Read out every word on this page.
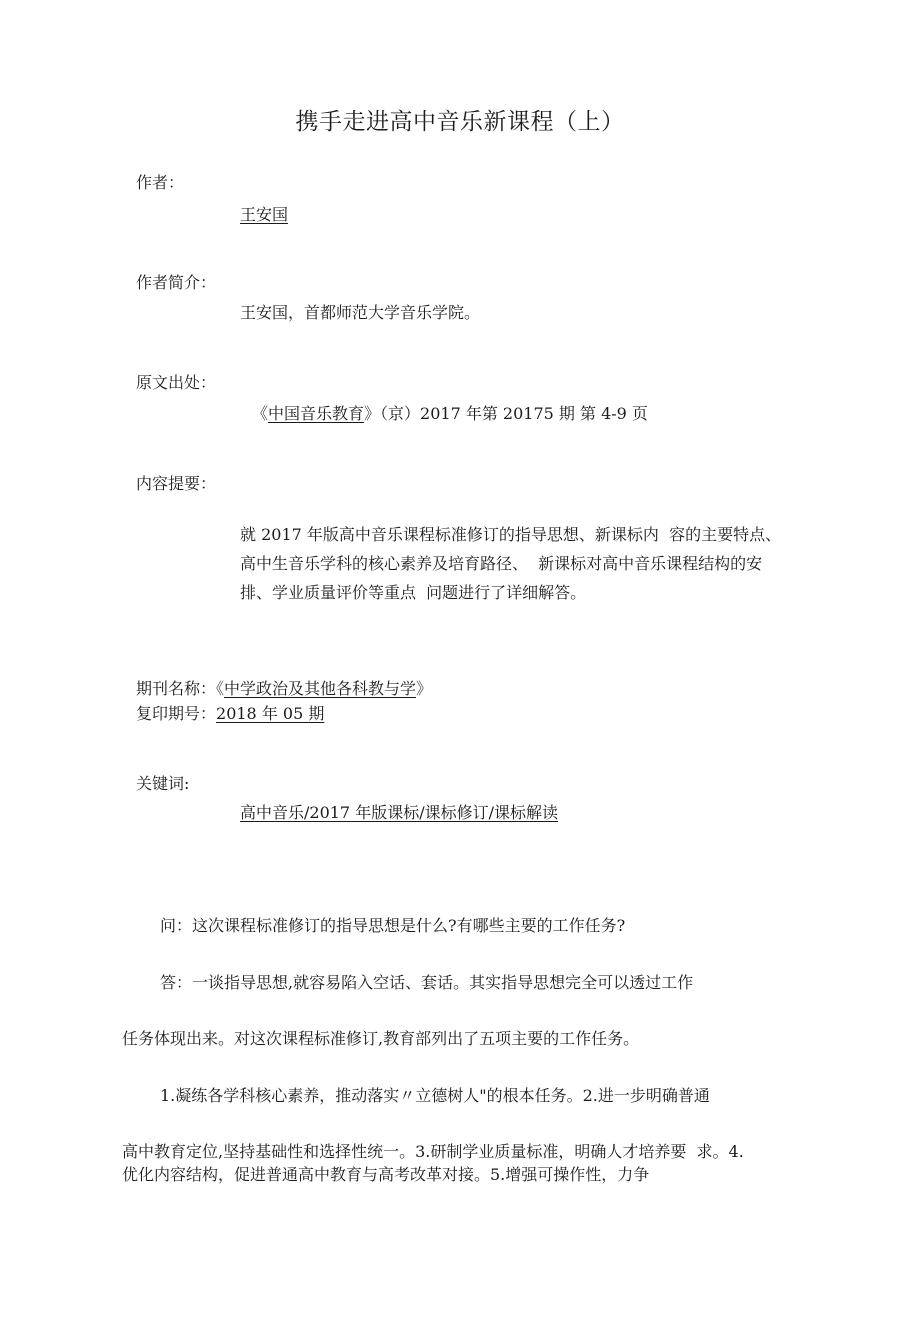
携手走进高中音乐新课程（上）
作者：
王安国
作者简介：
王安国，首都师范大学音乐学院。
原文出处：
《中国音乐教育》（京）2017 年第 20175 期 第 4-9 页
内容提要：
就 2017 年版高中音乐课程标准修订的指导思想、新课标内  容的主要特点、
高中生音乐学科的核心素养及培育路径、  新课标对高中音乐课程结构的安
排、学业质量评价等重点  问题进行了详细解答。
期刊名称：《中学政治及其他各科教与学》
复印期号：2018 年 05 期
关键词:
高中音乐/2017 年版课标/课标修订/课标解读
问：这次课程标准修订的指导思想是什么?有哪些主要的工作任务?
答：一谈指导思想,就容易陷入空话、套话。其实指导思想完全可以透过工作
任务体现出来。对这次课程标准修订,教育部列出了五项主要的工作任务。
1.凝练各学科核心素养，推动落实〃立德树人"的根本任务。2.进一步明确普通
高中教育定位,坚持基础性和选择性统一。3.研制学业质量标准，明确人才培养要  求。4.
优化内容结构，促进普通高中教育与高考改革对接。5.增强可操作性，力争
